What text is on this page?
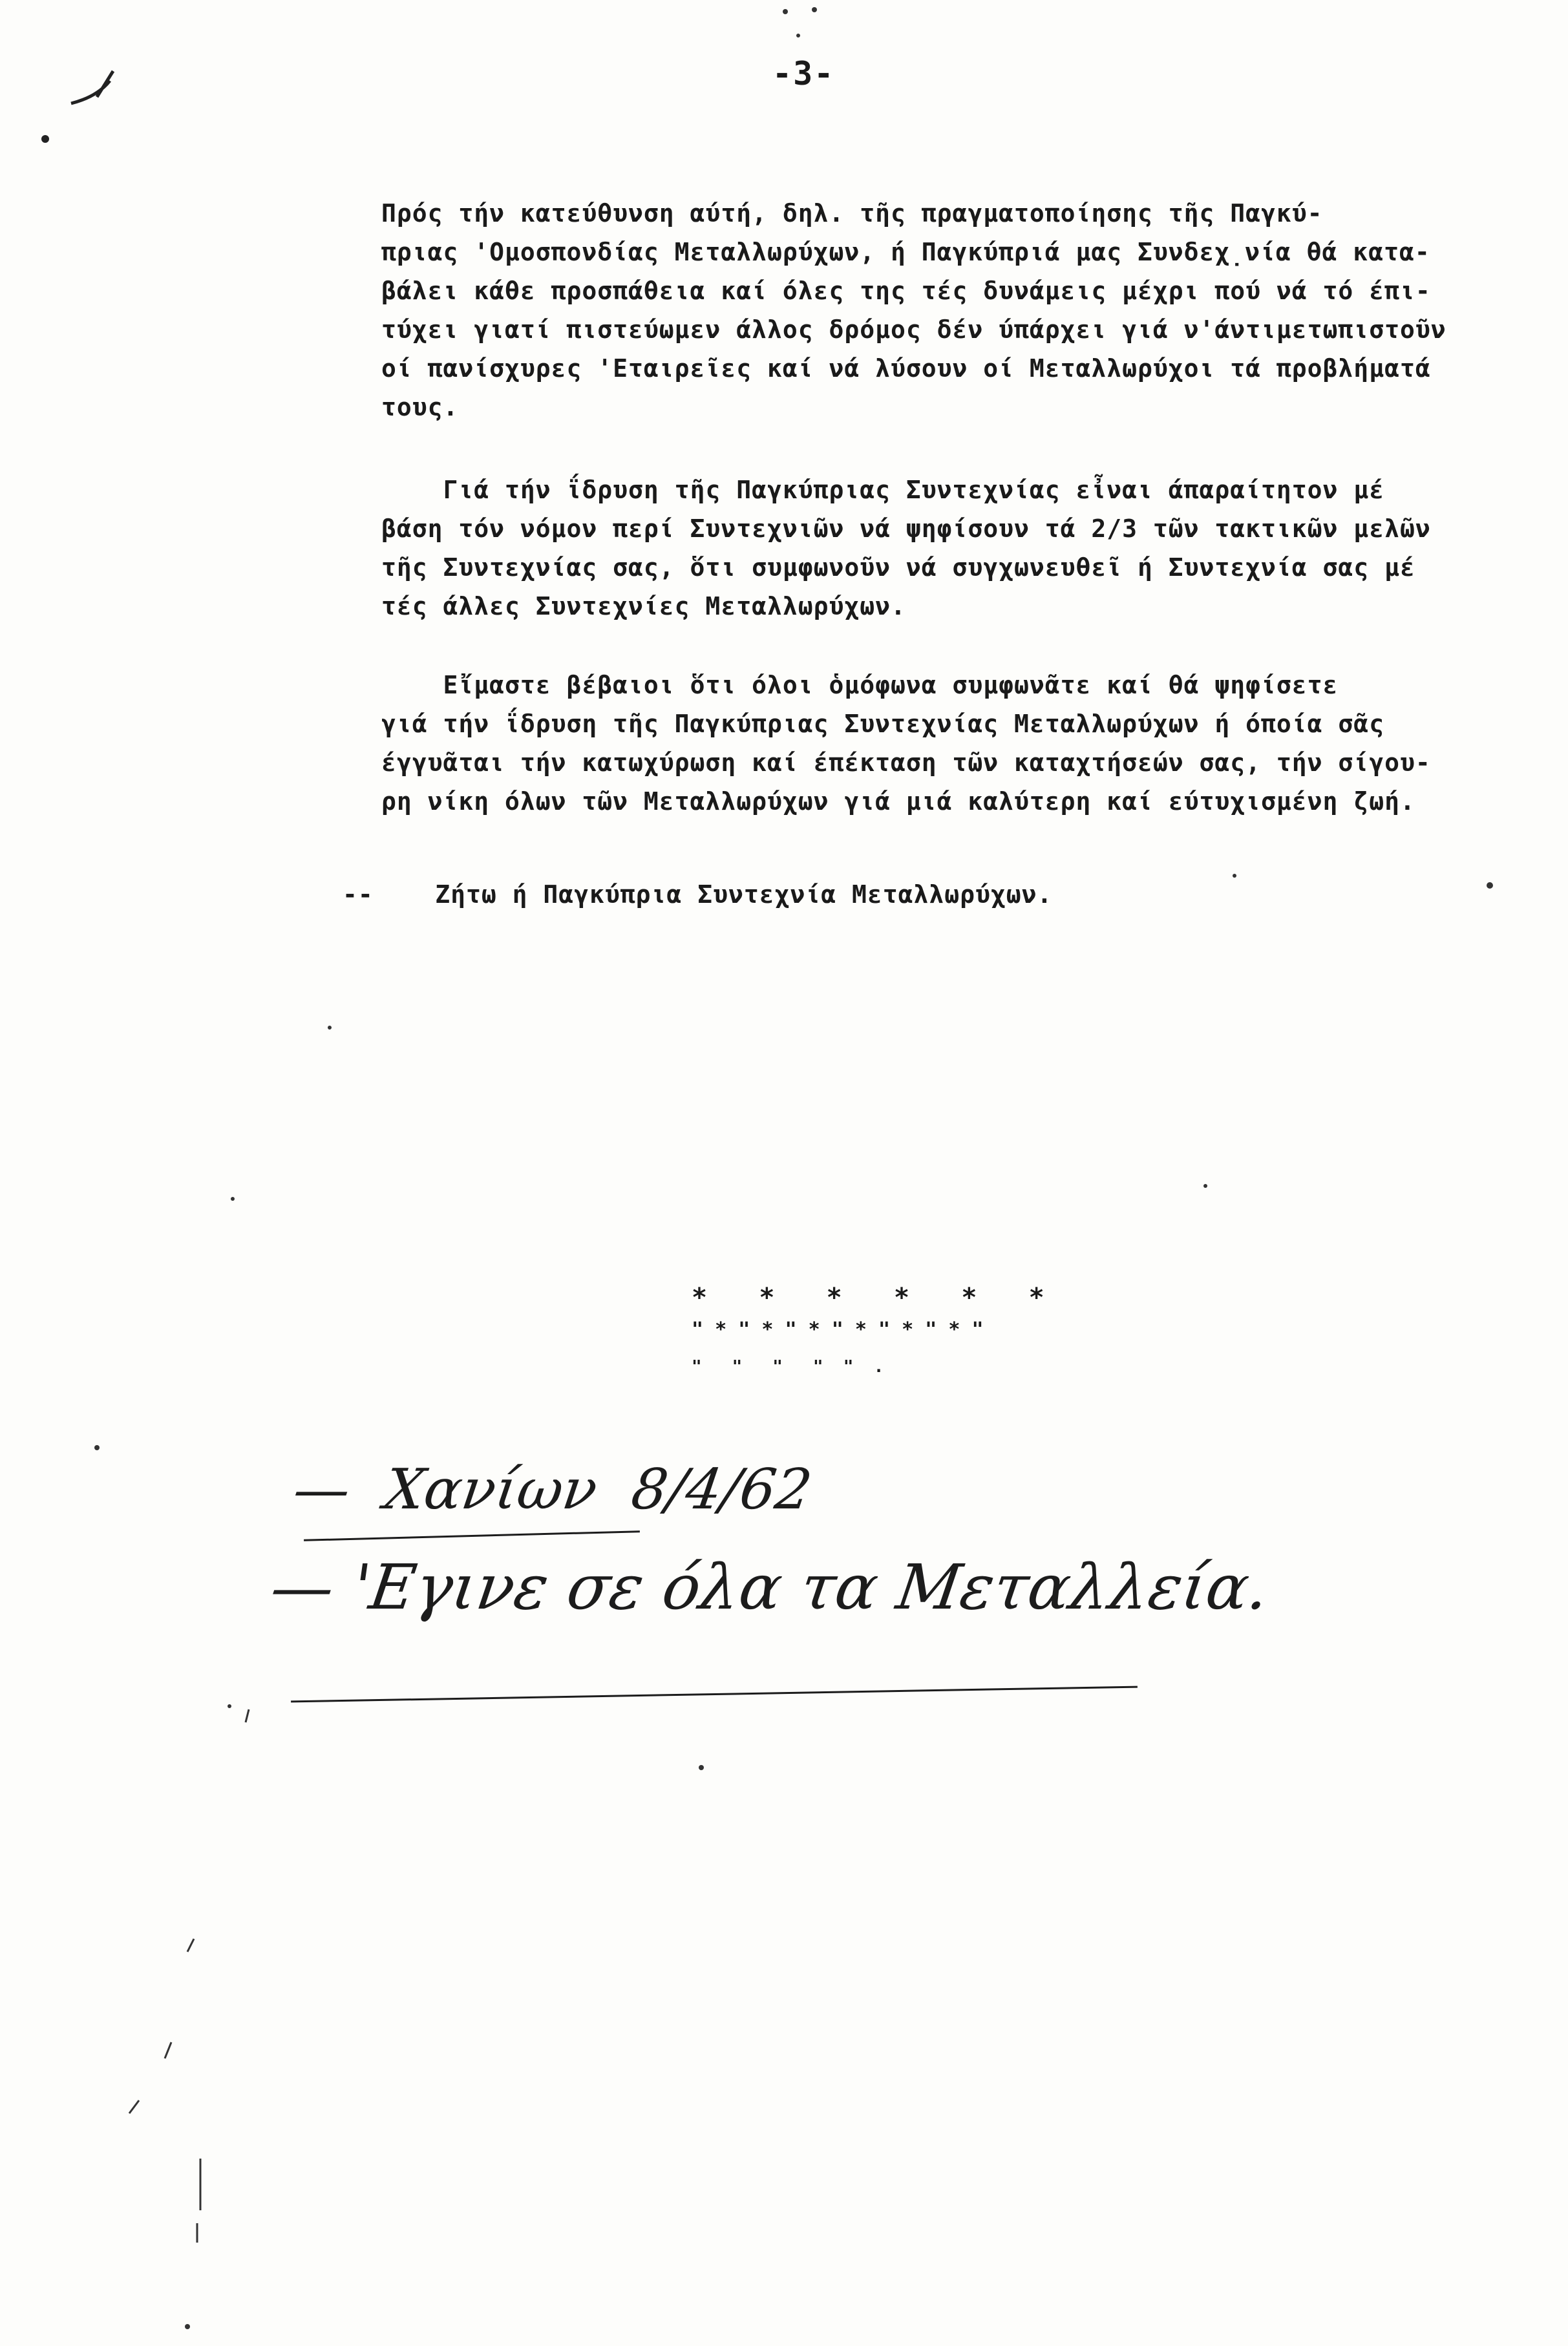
-3-
Πρός τήν κατεύθυνση αύτή, δηλ. τῆς πραγματοποίησης τῆς Παγκύ-
πριας 'Ομοσπονδίας Μεταλλωρύχων, ή Παγκύπριά μας Συνδεχ̣νία θά κατα-
βάλει κάθε προσπάθεια καί όλες της τές δυνάμεις μέχρι πού νά τό έπι-
τύχει γιατί πιστεύωμεν άλλος δρόμος δέν ύπάρχει γιά ν'άντιμετωπιστοῦν
οί πανίσχυρες 'Εταιρεῖες καί νά λύσουν οί Μεταλλωρύχοι τά προβλήματά
τους.
Γιά τήν ΐδρυση τῆς Παγκύπριας Συντεχνίας εἶναι άπαραίτητον μέ
βάση τόν νόμον περί Συντεχνιῶν νά ψηφίσουν τά 2/3 τῶν τακτικῶν μελῶν
τῆς Συντεχνίας σας, ὅτι συμφωνοῦν νά συγχωνευθεῖ ή Συντεχνία σας μέ
τές άλλες Συντεχνίες Μεταλλωρύχων.
Εἴμαστε βέβαιοι ὅτι όλοι ὁμόφωνα συμφωνᾶτε καί θά ψηφίσετε
γιά τήν ΐδρυση τῆς Παγκύπριας Συντεχνίας Μεταλλωρύχων ή όποία σᾶς
έγγυᾶται τήν κατωχύρωση καί έπέκταση τῶν καταχτήσεών σας, τήν σίγου-
ρη νίκη όλων τῶν Μεταλλωρύχων γιά μιά καλύτερη καί εύτυχισμένη ζωή.
--    Ζήτω ή Παγκύπρια Συντεχνία Μεταλλωρύχων.
*   *   *   *   *   *
" * " * " * " * " * " * "
"   "   "   "  "  .
—  Χανίων  8/4/62
— 'Εγινε σε όλα τα Μεταλλεία.
